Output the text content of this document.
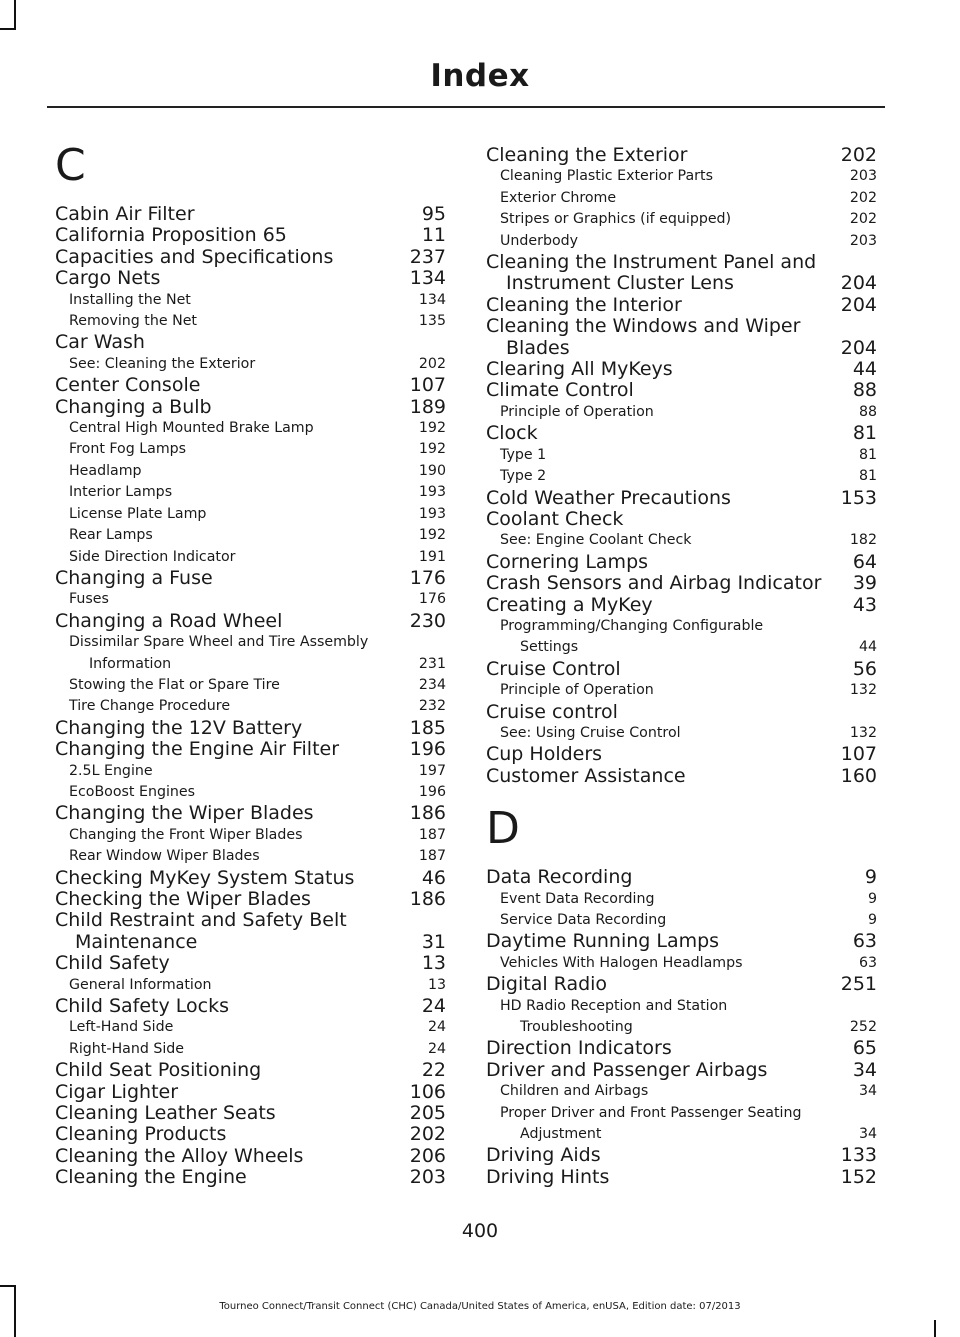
Index
C
Cabin Air Filter	95
California Proposition 65	11
Capacities and Specifications	237
Cargo Nets	134
Installing the Net	134
Removing the Net	135
Car Wash
See: Cleaning the Exterior	202
Center Console	107
Changing a Bulb	189
Central High Mounted Brake Lamp	192
Front Fog Lamps	192
Headlamp	190
Interior Lamps	193
License Plate Lamp	193
Rear Lamps	192
Side Direction Indicator	191
Changing a Fuse	176
Fuses	176
Changing a Road Wheel	230
Dissimilar Spare Wheel and Tire Assembly
Information	231
Stowing the Flat or Spare Tire	234
Tire Change Procedure	232
Changing the 12V Battery	185
Changing the Engine Air Filter	196
2.5L Engine	197
EcoBoost Engines	196
Changing the Wiper Blades	186
Changing the Front Wiper Blades	187
Rear Window Wiper Blades	187
Checking MyKey System Status	46
Checking the Wiper Blades	186
Child Restraint and Safety Belt
Maintenance	31
Child Safety	13
General Information	13
Child Safety Locks	24
Left-Hand Side	24
Right-Hand Side	24
Child Seat Positioning	22
Cigar Lighter	106
Cleaning Leather Seats	205
Cleaning Products	202
Cleaning the Alloy Wheels	206
Cleaning the Engine	203
Cleaning the Exterior	202
Cleaning Plastic Exterior Parts	203
Exterior Chrome	202
Stripes or Graphics (if equipped)	202
Underbody	203
Cleaning the Instrument Panel and
Instrument Cluster Lens	204
Cleaning the Interior	204
Cleaning the Windows and Wiper
Blades	204
Clearing All MyKeys	44
Climate Control	88
Principle of Operation	88
Clock	81
Type 1	81
Type 2	81
Cold Weather Precautions	153
Coolant Check
See: Engine Coolant Check	182
Cornering Lamps	64
Crash Sensors and Airbag Indicator 39
Creating a MyKey	43
Programming/Changing Configurable
Settings	44
Cruise Control	56
Principle of Operation	132
Cruise control
See: Using Cruise Control	132
Cup Holders	107
Customer Assistance	160
D
Data Recording	9
Event Data Recording	9
Service Data Recording	9
Daytime Running Lamps	63
Vehicles With Halogen Headlamps	63
Digital Radio	251
HD Radio Reception and Station
Troubleshooting	252
Direction Indicators	65
Driver and Passenger Airbags	34
Children and Airbags	34
Proper Driver and Front Passenger Seating
Adjustment	34
Driving Aids	133
Driving Hints	152
400
Tourneo Connect/Transit Connect (CHC) Canada/United States of America, enUSA, Edition date: 07/2013
